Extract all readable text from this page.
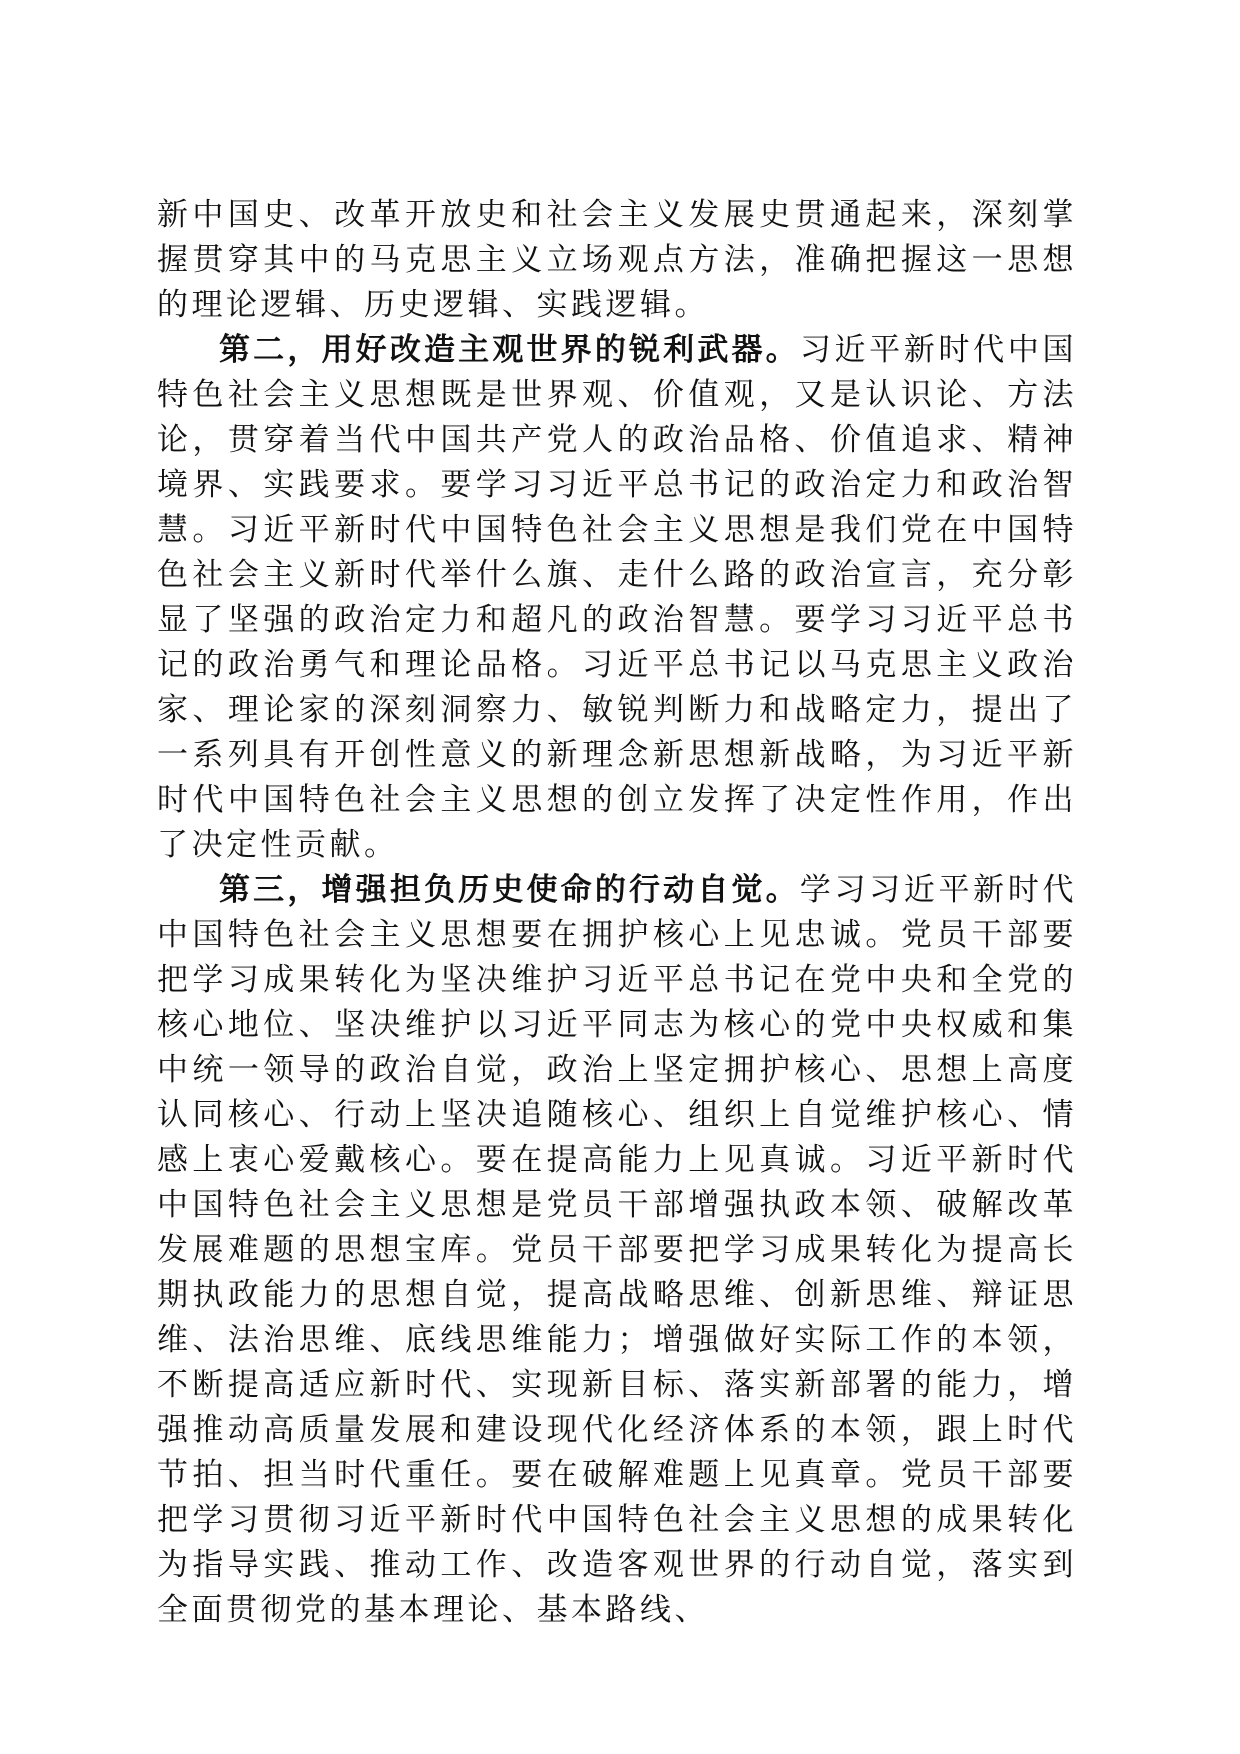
新中国史、改革开放史和社会主义发展史贯通起来，深刻掌握贯穿其中的马克思主义立场观点方法，准确把握这一思想的理论逻辑、历史逻辑、实践逻辑。

第二，用好改造主观世界的锐利武器。习近平新时代中国特色社会主义思想既是世界观、价值观，又是认识论、方法论，贯穿着当代中国共产党人的政治品格、价值追求、精神境界、实践要求。要学习习近平总书记的政治定力和政治智慧。习近平新时代中国特色社会主义思想是我们党在中国特色社会主义新时代举什么旗、走什么路的政治宣言，充分彰显了坚强的政治定力和超凡的政治智慧。要学习习近平总书记的政治勇气和理论品格。习近平总书记以马克思主义政治家、理论家的深刻洞察力、敏锐判断力和战略定力，提出了一系列具有开创性意义的新理念新思想新战略，为习近平新时代中国特色社会主义思想的创立发挥了决定性作用，作出了决定性贡献。

第三，增强担负历史使命的行动自觉。学习习近平新时代中国特色社会主义思想要在拥护核心上见忠诚。党员干部要把学习成果转化为坚决维护习近平总书记在党中央和全党的核心地位、坚决维护以习近平同志为核心的党中央权威和集中统一领导的政治自觉，政治上坚定拥护核心、思想上高度认同核心、行动上坚决追随核心、组织上自觉维护核心、情感上衷心爱戴核心。要在提高能力上见真诚。习近平新时代中国特色社会主义思想是党员干部增强执政本领、破解改革发展难题的思想宝库。党员干部要把学习成果转化为提高长期执政能力的思想自觉，提高战略思维、创新思维、辩证思维、法治思维、底线思维能力；增强做好实际工作的本领，不断提高适应新时代、实现新目标、落实新部署的能力，增强推动高质量发展和建设现代化经济体系的本领，跟上时代节拍、担当时代重任。要在破解难题上见真章。党员干部要把学习贯彻习近平新时代中国特色社会主义思想的成果转化为指导实践、推动工作、改造客观世界的行动自觉，落实到全面贯彻党的基本理论、基本路线、
